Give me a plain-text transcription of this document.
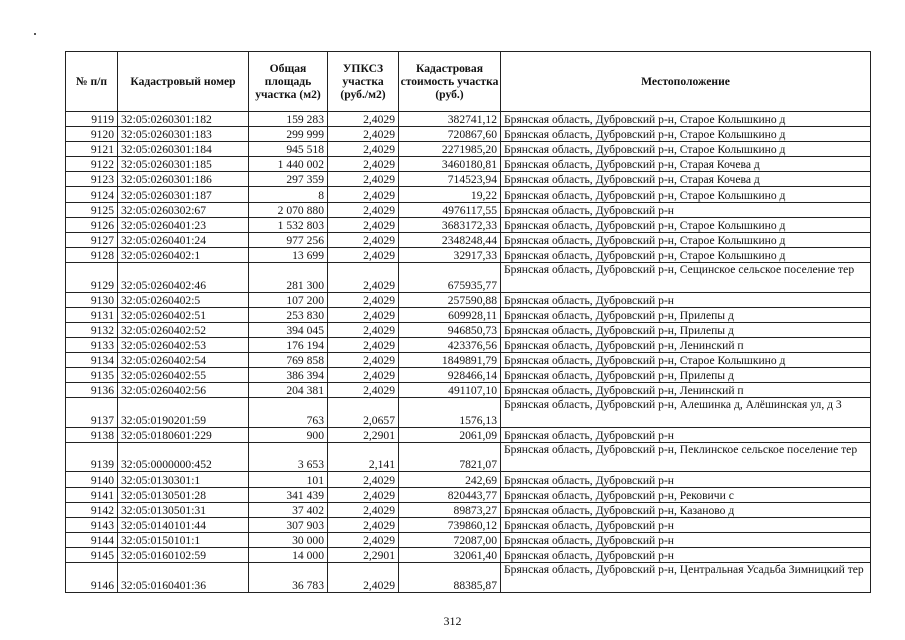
№ п/п	Кадастровый номер	Общая площадь участка (м2)	УПКСЗ участка (руб./м2)	Кадастровая стоимость участка (руб.)	Местоположение
9119	32:05:0260301:182	159 283	2,4029	382741,12	Брянская область, Дубровский р-н, Старое Колышкино д
9120	32:05:0260301:183	299 999	2,4029	720867,60	Брянская область, Дубровский р-н, Старое Колышкино д
9121	32:05:0260301:184	945 518	2,4029	2271985,20	Брянская область, Дубровский р-н, Старое Колышкино д
9122	32:05:0260301:185	1 440 002	2,4029	3460180,81	Брянская область, Дубровский р-н, Старая Кочева д
9123	32:05:0260301:186	297 359	2,4029	714523,94	Брянская область, Дубровский р-н, Старая Кочева д
9124	32:05:0260301:187	8	2,4029	19,22	Брянская область, Дубровский р-н, Старое Колышкино д
9125	32:05:0260302:67	2 070 880	2,4029	4976117,55	Брянская область, Дубровский р-н
9126	32:05:0260401:23	1 532 803	2,4029	3683172,33	Брянская область, Дубровский р-н, Старое Колышкино д
9127	32:05:0260401:24	977 256	2,4029	2348248,44	Брянская область, Дубровский р-н, Старое Колышкино д
9128	32:05:0260402:1	13 699	2,4029	32917,33	Брянская область, Дубровский р-н, Старое Колышкино д
9129	32:05:0260402:46	281 300	2,4029	675935,77	Брянская область, Дубровский р-н, Сещинское сельское поселение тер
9130	32:05:0260402:5	107 200	2,4029	257590,88	Брянская область, Дубровский р-н
9131	32:05:0260402:51	253 830	2,4029	609928,11	Брянская область, Дубровский р-н, Прилепы д
9132	32:05:0260402:52	394 045	2,4029	946850,73	Брянская область, Дубровский р-н, Прилепы д
9133	32:05:0260402:53	176 194	2,4029	423376,56	Брянская область, Дубровский р-н, Ленинский п
9134	32:05:0260402:54	769 858	2,4029	1849891,79	Брянская область, Дубровский р-н, Старое Колышкино д
9135	32:05:0260402:55	386 394	2,4029	928466,14	Брянская область, Дубровский р-н, Прилепы д
9136	32:05:0260402:56	204 381	2,4029	491107,10	Брянская область, Дубровский р-н, Ленинский п
9137	32:05:0190201:59	763	2,0657	1576,13	Брянская область, Дубровский р-н, Алешинка д, Алёшинская ул, д 3
9138	32:05:0180601:229	900	2,2901	2061,09	Брянская область, Дубровский р-н
9139	32:05:0000000:452	3 653	2,141	7821,07	Брянская область, Дубровский р-н, Пеклинское сельское поселение тер
9140	32:05:0130301:1	101	2,4029	242,69	Брянская область, Дубровский р-н
9141	32:05:0130501:28	341 439	2,4029	820443,77	Брянская область, Дубровский р-н, Рековичи с
9142	32:05:0130501:31	37 402	2,4029	89873,27	Брянская область, Дубровский р-н, Казаново д
9143	32:05:0140101:44	307 903	2,4029	739860,12	Брянская область, Дубровский р-н
9144	32:05:0150101:1	30 000	2,4029	72087,00	Брянская область, Дубровский р-н
9145	32:05:0160102:59	14 000	2,2901	32061,40	Брянская область, Дубровский р-н
9146	32:05:0160401:36	36 783	2,4029	88385,87	Брянская область, Дубровский р-н, Центральная Усадьба Зимницкий тер
312
